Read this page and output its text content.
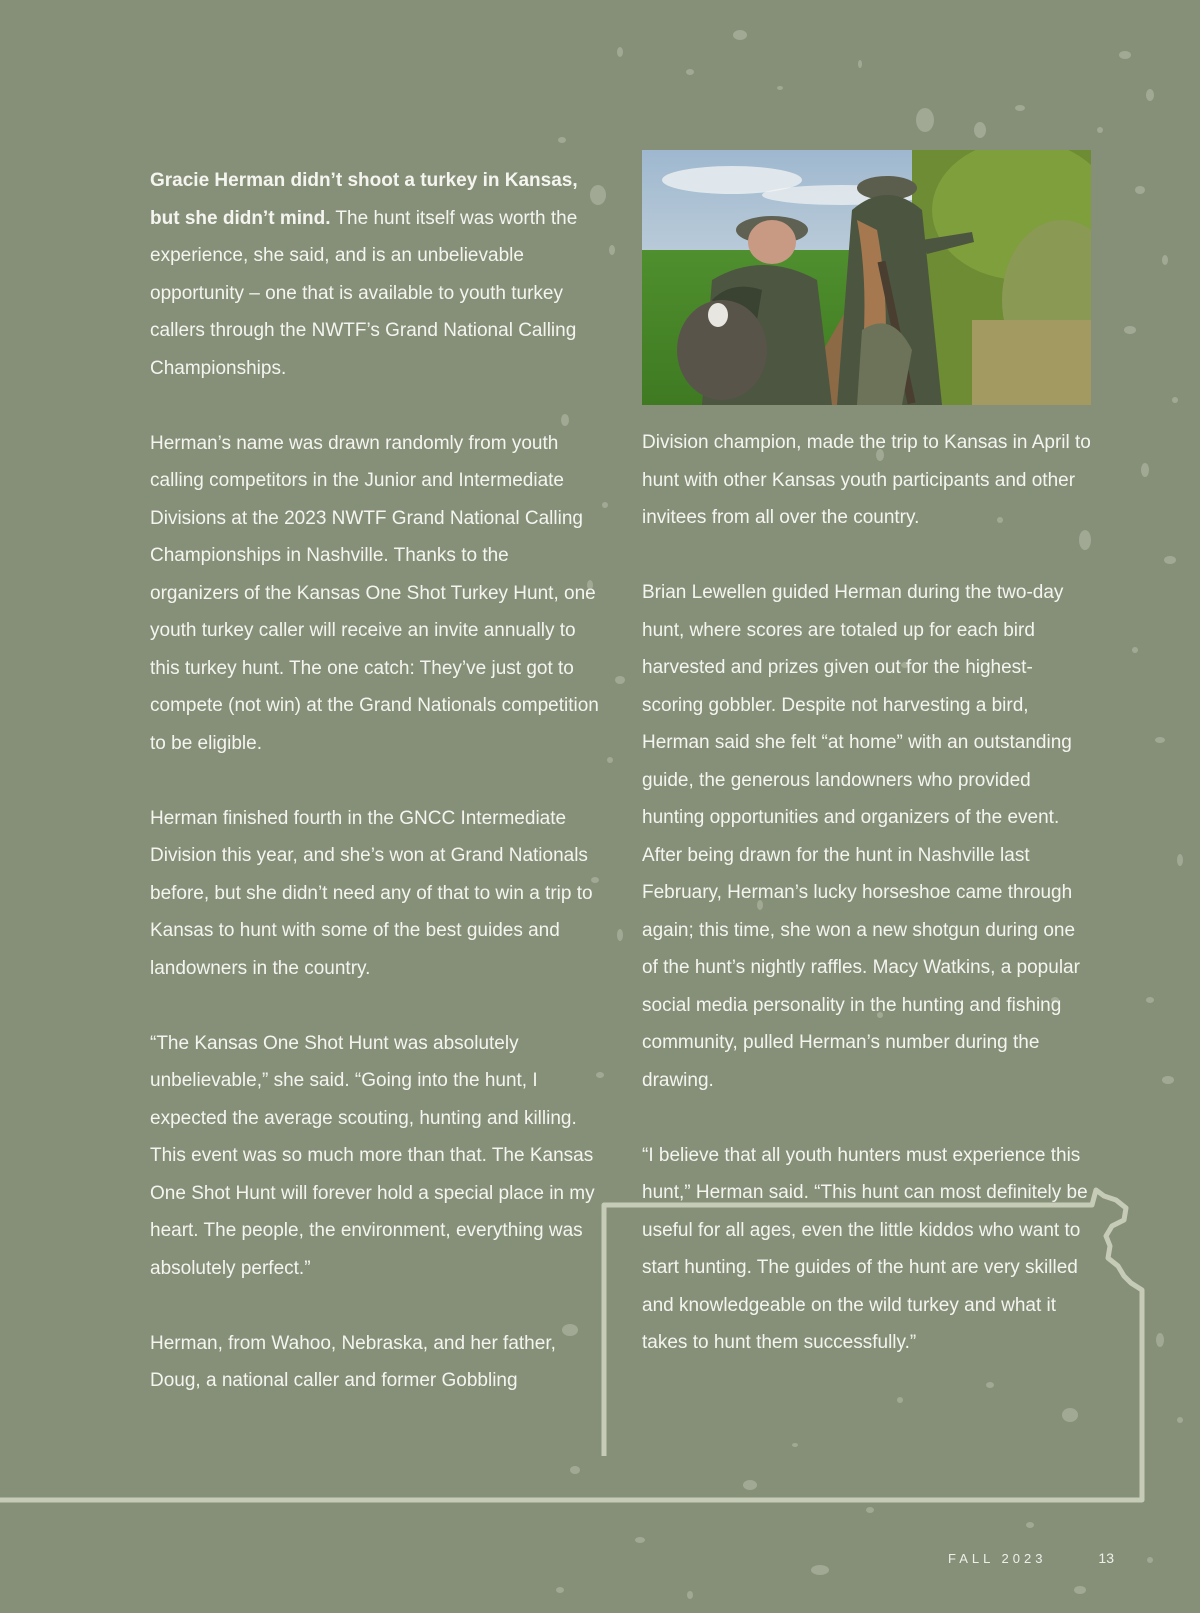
Gracie Herman didn’t shoot a turkey in Kansas, but she didn’t mind. The hunt itself was worth the experience, she said, and is an unbelievable opportunity – one that is available to youth turkey callers through the NWTF’s Grand National Calling Championships.

Herman’s name was drawn randomly from youth calling competitors in the Junior and Intermediate Divisions at the 2023 NWTF Grand National Calling Championships in Nashville. Thanks to the organizers of the Kansas One Shot Turkey Hunt, one youth turkey caller will receive an invite annually to this turkey hunt. The one catch: They’ve just got to compete (not win) at the Grand Nationals competition to be eligible.

Herman finished fourth in the GNCC Intermediate Division this year, and she’s won at Grand Nationals before, but she didn’t need any of that to win a trip to Kansas to hunt with some of the best guides and landowners in the country.

“The Kansas One Shot Hunt was absolutely unbelievable,” she said. “Going into the hunt, I expected the average scouting, hunting and killing. This event was so much more than that. The Kansas One Shot Hunt will forever hold a special place in my heart. The people, the environment, everything was absolutely perfect.”

Herman, from Wahoo, Nebraska, and her father, Doug, a national caller and former Gobbling

Division champion, made the trip to Kansas in April to hunt with other Kansas youth participants and other invitees from all over the country.

Brian Lewellen guided Herman during the two-day hunt, where scores are totaled up for each bird harvested and prizes given out for the highest-scoring gobbler. Despite not harvesting a bird, Herman said she felt “at home” with an outstanding guide, the generous landowners who provided hunting opportunities and organizers of the event. After being drawn for the hunt in Nashville last February, Herman’s lucky horseshoe came through again; this time, she won a new shotgun during one of the hunt’s nightly raffles. Macy Watkins, a popular social media personality in the hunting and fishing community, pulled Herman’s number during the drawing.

“I believe that all youth hunters must experience this hunt,” Herman said. “This hunt can most definitely be useful for all ages, even the little kiddos who want to start hunting. The guides of the hunt are very skilled and knowledgeable on the wild turkey and what it takes to hunt them successfully.”

FALL 2023	13
